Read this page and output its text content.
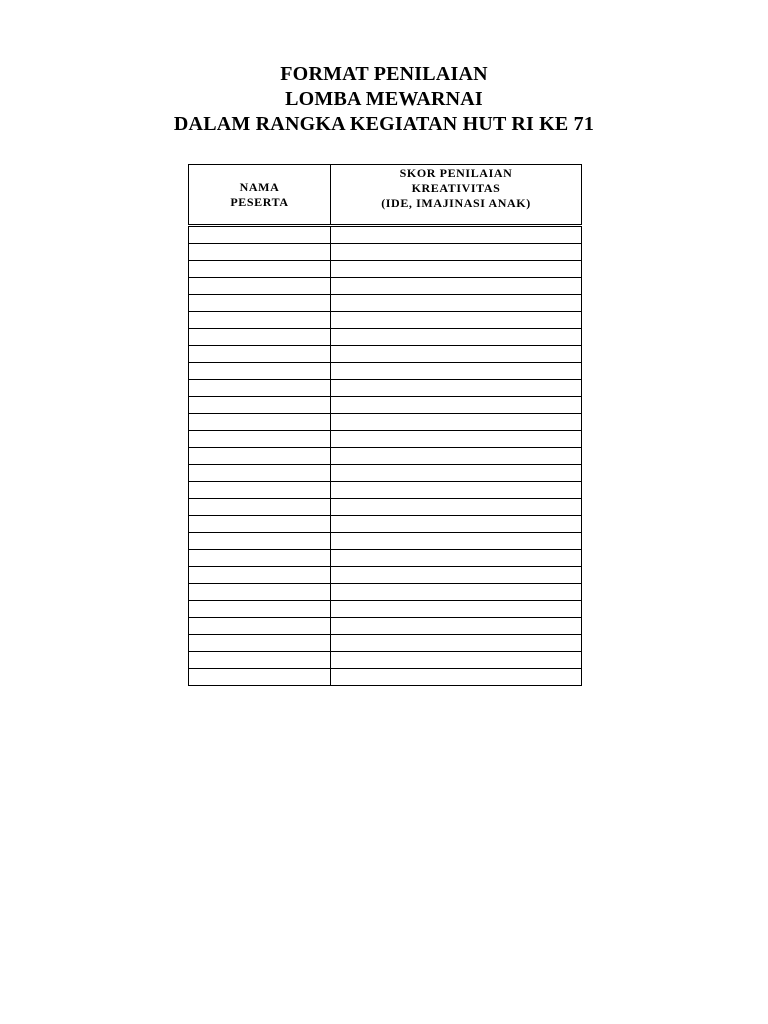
FORMAT PENILAIAN
LOMBA MEWARNAI
DALAM RANGKA KEGIATAN HUT RI KE 71
NAMA
PESERTA	SKOR PENILAIAN
KREATIVITAS
(IDE, IMAJINASI ANAK)
